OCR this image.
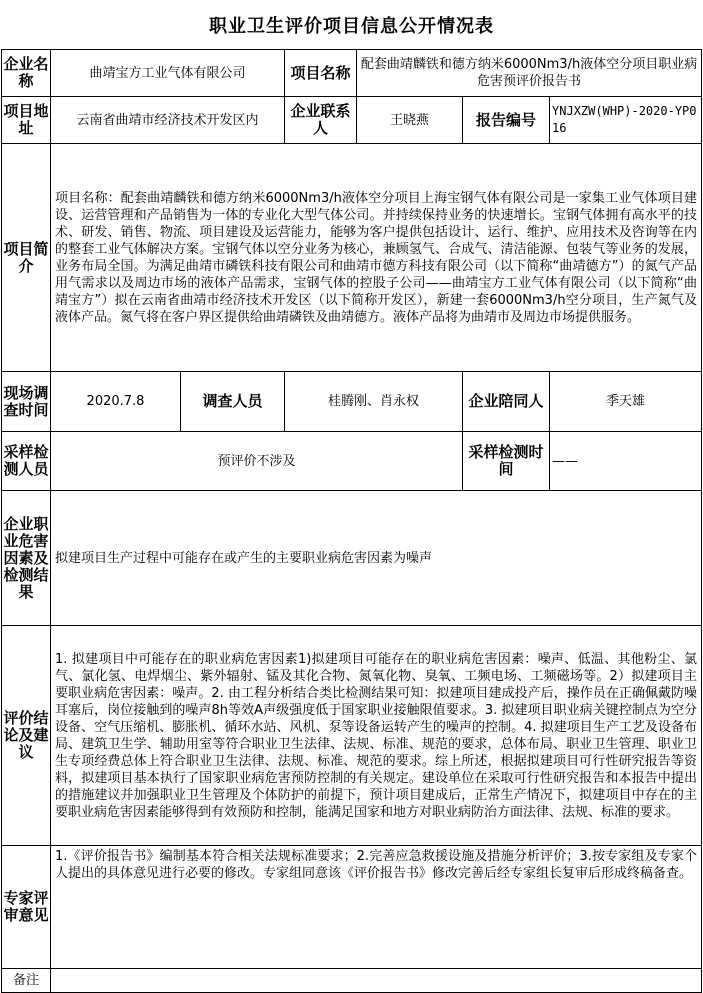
职业卫生评价项目信息公开情况表
企业名称	曲靖宝方工业气体有限公司		项目名称	配套曲靖麟铁和德方纳米6000Nm3/h液体空分项目职业病危害预评价报告书		
项目地址	云南省曲靖市经济技术开发区内		企业联系人	王晓燕	报告编号	YNJXZW(WHP)-2020-YP016
项目简介	项目名称：配套曲靖麟铁和德方纳米6000Nm3/h液体空分项目上海宝钢气体有限公司是一家集工业气体项目建设、运营管理和产品销售为一体的专业化大型气体公司。并持续保持业务的快速增长。宝钢气体拥有高水平的技术、研发、销售、物流、项目建设及运营能力，能够为客户提供包括设计、运行、维护、应用技术及咨询等在内的整套工业气体解决方案。宝钢气体以空分业务为核心，兼顾氢气、合成气、清洁能源、包装气等业务的发展，业务布局全国。为满足曲靖市磷铁科技有限公司和曲靖市德方科技有限公司（以下简称“曲靖德方”）的氮气产品用气需求以及周边市场的液体产品需求，宝钢气体的控股子公司——曲靖宝方工业气体有限公司（以下简称“曲靖宝方”）拟在云南省曲靖市经济技术开发区（以下简称开发区），新建一套6000Nm3/h空分项目，生产氮气及液体产品。氮气将在客户界区提供给曲靖磷铁及曲靖德方。液体产品将为曲靖市及周边市场提供服务。					
现场调查时间	2020.7.8	调查人员	桂腾刚、肖永权		企业陪同人	季天雄
采样检测人员	预评价不涉及				采样检测时间	——
企业职业危害因素及检测结果	拟建项目生产过程中可能存在或产生的主要职业病危害因素为噪声					
评价结论及建议	1. 拟建项目中可能存在的职业病危害因素1)拟建项目可能存在的职业病危害因素：噪声、低温、其他粉尘、氯气、氯化氢、电焊烟尘、紫外辐射、锰及其化合物、氮氧化物、臭氧、工频电场、工频磁场等。2）拟建项目主要职业病危害因素：噪声。2. 由工程分析结合类比检测结果可知：拟建项目建成投产后，操作员在正确佩戴防噪耳塞后，岗位接触到的噪声8h等效A声级强度低于国家职业接触限值要求。3. 拟建项目职业病关键控制点为空分设备、空气压缩机、膨胀机、循环水站、风机、泵等设备运转产生的噪声的控制。4. 拟建项目生产工艺及设备布局、建筑卫生学、辅助用室等符合职业卫生法律、法规、标准、规范的要求，总体布局、职业卫生管理、职业卫生专项经费总体上符合职业卫生法律、法规、标准、规范的要求。综上所述，根据拟建项目可行性研究报告等资料，拟建项目基本执行了国家职业病危害预防控制的有关规定。建设单位在采取可行性研究报告和本报告中提出的措施建议并加强职业卫生管理及个体防护的前提下，预计项目建成后，正常生产情况下，拟建项目中存在的主要职业病危害因素能够得到有效预防和控制，能满足国家和地方对职业病防治方面法律、法规、标准的要求。					
专家评审意见	1.《评价报告书》编制基本符合相关法规标准要求；2.完善应急救援设施及措施分析评价；3.按专家组及专家个人提出的具体意见进行必要的修改。专家组同意该《评价报告书》修改完善后经专家组长复审后形成终稿备查。					
备注						
